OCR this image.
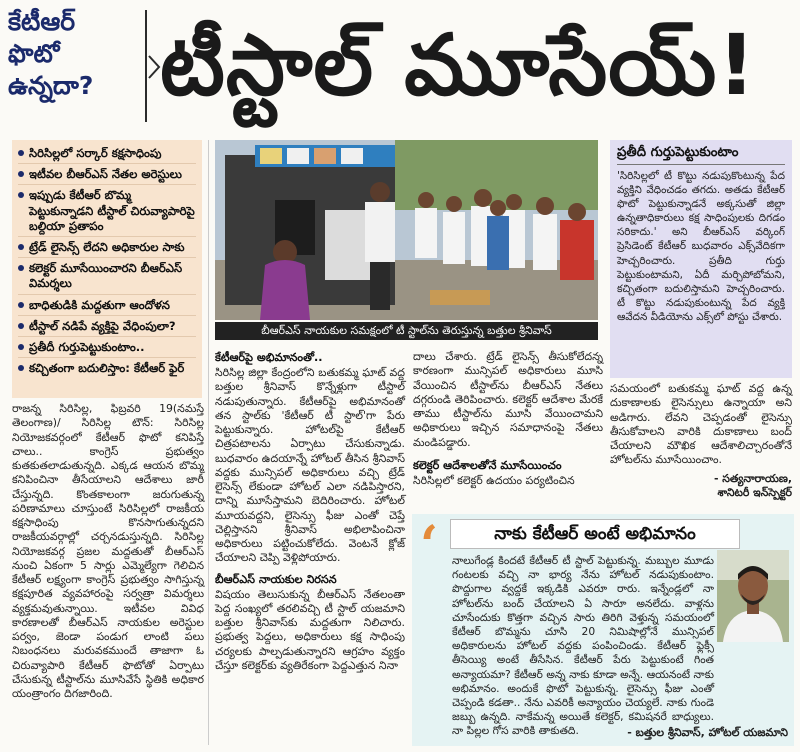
కేటీఆర్
ఫొటో
ఉన్నదా? టీస్టాల్ మూసేయ్!
సిరిసిల్లలో సర్కార్ కక్షసాధింపు
ఇటీవల బీఆర్ఎస్ నేతల అరెస్టులు
ఇప్పుడు కేటీఆర్ బొమ్మ పెట్టుకున్నాడని టీస్టాల్ చిరువ్యాపారిపై బల్దియా ప్రతాపం
ట్రేడ్ లైసెన్స్ లేదని అధికారుల సాకు
కలెక్టర్ మూసేయించారని బీఆర్ఎస్ విమర్శలు
బాధితుడికి మద్దతుగా ఆందోళన
టీస్టాల్ నడిపే వ్యక్తిపై వేధింపులా?
ప్రతీదీ గుర్తుపెట్టుకుంటాం..
కచ్చితంగా బదులిస్తాం: కేటీఆర్ ఫైర్
బీఆర్ఎస్ నాయకుల సమక్షంలో టీ స్టాల్‌ను తెరుస్తున్న బత్తుల శ్రీనివాస్
ప్రతీదీ గుర్తుపెట్టుకుంటాం
'సిరిసిల్లలో టీ కొట్టు నడుపుకొంటున్న పేద వ్యక్తిని వేధించడం తగదు. అతడు కేటీఆర్ ఫొటో పెట్టుకున్నాడనే అక్కసుతో జిల్లా ఉన్నతాధికారులు కక్ష సాధింపులకు దిగడం సరికాదు.' అని బీఆర్ఎస్ వర్కింగ్ ప్రెసిడెంట్ కేటీఆర్ బుధవారం ఎక్స్‌వేదికగా హెచ్చరించారు. ప్రతీది గుర్తు పెట్టుకుంటామని, ఏదీ మర్చిపోబోమని, కచ్చితంగా బదులిస్తామని హెచ్చరించారు. టీ కొట్టు నడుపుకుంటున్న పేద వ్యక్తి ఆవేదన వీడియోను ఎక్స్‌లో పోస్టు చేశారు.
రాజన్న సిరిసిల్ల, ఫిబ్రవరి 19(నమస్తే తెలంగాణ)/ సిరిసిల్ల టౌన్: సిరిసిల్ల నియోజకవర్గంలో కేటీఆర్ ఫొటో కనిపిస్తే చాలు.. కాంగ్రెస్ ప్రభుత్వం కుతకుతలాడుతున్నది. ఎక్కడ ఆయన బొమ్మ కనిపించినా తీసేయాలని ఆదేశాలు జారీ చేస్తున్నది. కొంతకాలంగా జరుగుతున్న పరిణామాలు చూస్తుంటే సిరిసిల్లలో రాజకీయ కక్షసాధింపు కొనసాగుతున్నదని రాజకీయవర్గాల్లో చర్చనడుస్తున్నది. సిరిసిల్ల నియోజకవర్గ ప్రజల మద్దతుతో బీఆర్ఎస్ నుంచి ఏకంగా 5 సార్లు ఎమ్మెల్యేగా గెలిచిన కేటీఆర్ లక్ష్యంగా కాంగ్రెస్ ప్రభుత్వం సాగిస్తున్న కక్షపూరిత వ్యవహారంపై సర్వత్రా విమర్శలు వ్యక్తమవుతున్నాయి. ఇటీవల వివిధ కారణాలతో బీఆర్ఎస్ నాయకుల అరెస్టుల పర్వం, జెండా పండుగ లాంటి పలు నిబంధనలు మరువకముందే తాజాగా ఓ చిరువ్యాపారి కేటీఆర్ ఫొటోతో ఏర్పాటు చేసుకున్న టీస్టాల్‌ను మూసివేసే స్థితికి అధికార యంత్రాంగం దిగజారింది.
కేటీఆర్‌పై అభిమానంతో..
సిరిసిల్ల జిల్లా కేంద్రంలోని బతుకమ్మ ఘాట్ వద్ద బత్తుల శ్రీనివాస్ కొన్నేళ్లుగా టీస్టాల్ నడుపుతున్నారు. కేటీఆర్‌పై అభిమానంతో తన స్టాల్‌కు 'కేటీఆర్ టీ స్టాల్'గా పేరు పెట్టుకున్నారు. హోటల్‌పై కేటీఆర్ చిత్రపటాలను ఏర్పాటు చేసుకున్నాడు. బుధవారం ఉదయాన్నే హోటల్ తీసిన శ్రీనివాస్ వద్దకు మున్సిపల్ అధికారులు వచ్చి ట్రేడ్ లైసెన్స్ లేకుండా హోటల్ ఎలా నడిపిస్తారని, దాన్ని మూసేస్తామని బెదిరించారు. హోటల్ మూయవద్దని, లైసెన్సు ఫీజు ఎంతో చెప్తే చెల్లిస్తానని శ్రీనివాస్ అభిలాపించినా అధికారులు పట్టించుకోలేదు. వెంటనే క్లోజ్ చేయాలని చెప్పి వెళ్లిపోయారు.
బీఆర్ఎస్ నాయకుల నిరసన
విషయం తెలుసుకున్న బీఆర్ఎస్ నేతలంతా పెద్ద సంఖ్యలో తరలివచ్చి టీ స్టాల్ యజమాని బత్తుల శ్రీనివాస్‌కు మద్దతుగా నిలిచారు. ప్రభుత్వ పెద్దలు, అధికారులు కక్ష సాధింపు చర్యలకు పాల్పడుతున్నారని ఆగ్రహం వ్యక్తం చేస్తూ కలెక్టర్‌కు వ్యతిరేకంగా పెద్దఎత్తున నినా
దాలు చేశారు. ట్రేడ్ లైసెన్స్ తీసుకోలేదన్న కారణంగా మున్సిపల్ అధికారులు మూసి వేయించిన టీస్టాల్‌ను బీఆర్ఎస్ నేతలు దగ్గరుండి తెరిపించారు. కలెక్టర్ ఆదేశాల మేరకే తాము టీస్టాల్‌ను మూసి వేయించామని అధికారులు ఇచ్చిన సమాధానంపై నేతలు మండిపడ్డారు.
కలెక్టర్ ఆదేశాలతోనే మూసేయించం
సిరిసిల్లలో కలెక్టర్ ఉదయం పర్యటించిన
సమయంలో బతుకమ్మ ఘాట్ వద్ద ఉన్న దుకాణాలకు లైసెన్సులు ఉన్నాయా అని అడిగారు. లేవని చెప్పడంతో లైసెన్సు తీసుకోవాలని వారికి దుకాణాలు బంద్ చేయాలని మౌఖిక ఆదేశాలిచ్చారంతోనే హోటల్‌ను మూసేయించాం.
- సత్యనారాయణ,
శానిటరీ ఇన్‌స్పెక్టర్
‘	నాకు కేటీఆర్ అంటే అభిమానం
నాలుగేండ్ల కిందటే కేటీఆర్ టీ స్టాల్ పెట్టుకున్న. మబ్బుల మూడు గంటలకు వచ్చి నా భార్య నేను హోటల్ నడుపుకుంటాం. పొద్దుగాల వ్వద్దకే ఇక్కడికి ఎవరూ రారు. ఇన్నేండ్లలో నా హోటల్‌ను బంద్ చేయాలని ఏ సారూ అనలేదు. వాళ్లను చూసేందుకు కొత్తగా వచ్చిన సారు తిరిగి వెళ్తున్న సమయంలో కేటీఆర్ బొమ్మను చూసి 20 నిమిషాల్లోనే మున్సిపల్ అధికారులను హోటల్ వద్దకు పంపించిండు. కేటీఆర్ ఫ్లెక్సీ తీసెయ్యి అంటే తీసేసిన. కేటీఆర్ పేరు పెట్టుకుంటే గింత అన్యాయమా? కేటీఆర్ అన్న నాకు కూడా అన్నే. ఆయనంటే నాకు అభిమానం. అందుకే ఫొటో పెట్టుకున్న. లైసెన్సు ఫీజు ఎంతో చెప్పండి కడతా.. నేను ఎవరికీ అన్యాయం చెయ్యలే. నాకు గుండె జబ్బు ఉన్నది. నాకేమన్న అయితే కలెక్టర్, కమిషనరే బాధ్యులు. నా పిల్లల గోస వారికి తాకుతది.	- బత్తుల శ్రీనివాస్, హోటల్ యజమాని
